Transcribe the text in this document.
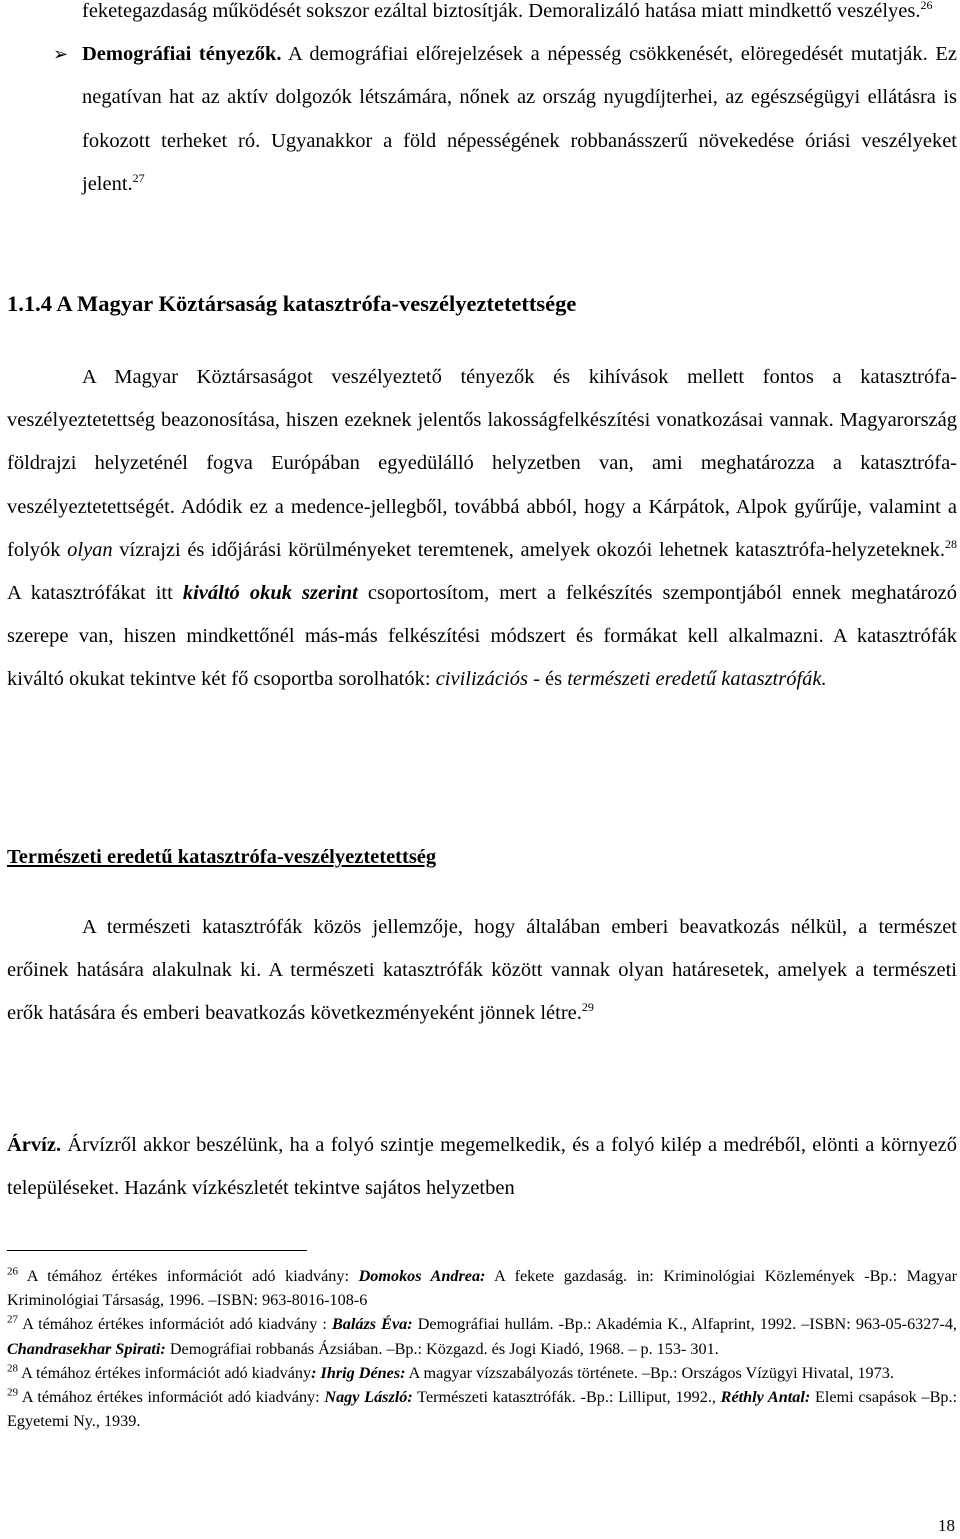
feketegazdaság működését sokszor ezáltal biztosítják. Demoralizáló hatása miatt mindkettő veszélyes.$^{26}$

➢ Demográfiai tényezők. A demográfiai előrejelzések a népesség csökkenését, elöregedését mutatják. Ez negatívan hat az aktív dolgozók létszámára, nőnek az ország nyugdíjterhei, az egészségügyi ellátásra is fokozott terheket ró. Ugyanakkor a föld népességének robbanásszerű növekedése óriási veszélyeket jelent.$^{27}$

1.1.4 A Magyar Köztársaság katasztrófa-veszélyeztetettsége

A Magyar Köztársaságot veszélyeztető tényezők és kihívások mellett fontos a katasztrófa-veszélyeztetettség beazonosítása, hiszen ezeknek jelentős lakosságfelkészítési vonatkozásai vannak. Magyarország földrajzi helyzeténél fogva Európában egyedülálló helyzetben van, ami meghatározza a katasztrófa-veszélyeztetettségét. Adódik ez a medence-jellegből, továbbá abból, hogy a Kárpátok, Alpok gyűrűje, valamint a folyók olyan vízrajzi és időjárási körülményeket teremtenek, amelyek okozói lehetnek katasztrófa-helyzeteknek.$^{28}$ A katasztrófákat itt kiváltó okuk szerint csoportosítom, mert a felkészítés szempontjából ennek meghatározó szerepe van, hiszen mindkettőnél más-más felkészítési módszert és formákat kell alkalmazni. A katasztrófák kiváltó okukat tekintve két fő csoportba sorolhatók: civilizációs - és természeti eredetű katasztrófák.

Természeti eredetű katasztrófa-veszélyeztetettség

A természeti katasztrófák közös jellemzője, hogy általában emberi beavatkozás nélkül, a természet erőinek hatására alakulnak ki. A természeti katasztrófák között vannak olyan határesetek, amelyek a természeti erők hatására és emberi beavatkozás következményeként jönnek létre.$^{29}$

Árvíz. Árvízről akkor beszélünk, ha a folyó szintje megemelkedik, és a folyó kilép a medréből, elönti a környező településeket. Hazánk vízkészletét tekintve sajátos helyzetben

$^{26}$ A témához értékes információt adó kiadvány: Domokos Andrea: A fekete gazdaság. in: Kriminológiai Közlemények -Bp.: Magyar Kriminológiai Társaság, 1996. –ISBN: 963-8016-108-6

$^{27}$ A témához értékes információt adó kiadvány : Balázs Éva: Demográfiai hullám. -Bp.: Akadémia K., Alfaprint, 1992. –ISBN: 963-05-6327-4, Chandrasekhar Spirati: Demográfiai robbanás Ázsiában. –Bp.: Közgazd. és Jogi Kiadó, 1968. – p. 153- 301.

$^{28}$ A témához értékes információt adó kiadvány: Ihrig Dénes: A magyar vízszabályozás története. –Bp.: Országos Vízügyi Hivatal, 1973.

$^{29}$ A témához értékes információt adó kiadvány: Nagy László: Természeti katasztrófák. -Bp.: Lilliput, 1992., Réthly Antal: Elemi csapások –Bp.: Egyetemi Ny., 1939.

18
